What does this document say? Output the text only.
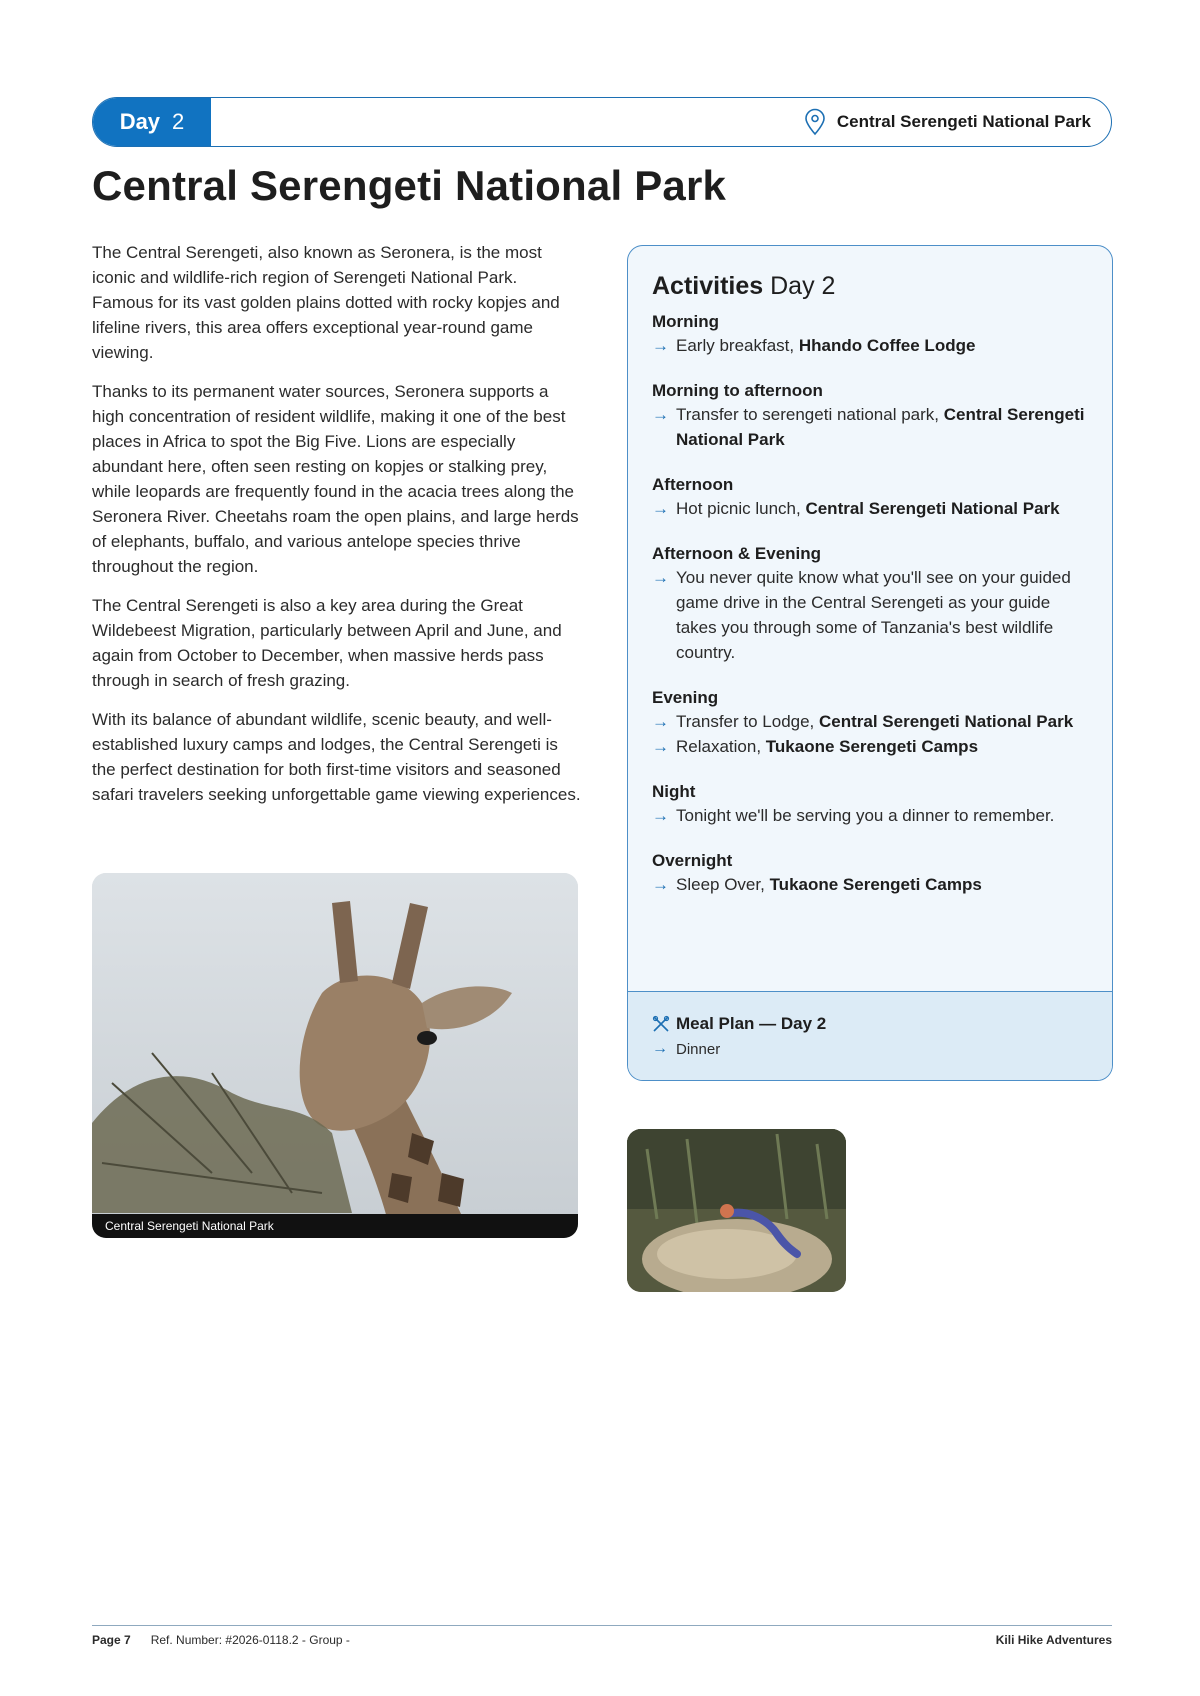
Day 2	Central Serengeti National Park
Central Serengeti National Park

The Central Serengeti, also known as Seronera, is the most iconic and wildlife-rich region of Serengeti National Park. Famous for its vast golden plains dotted with rocky kopjes and lifeline rivers, this area offers exceptional year-round game viewing.

Thanks to its permanent water sources, Seronera supports a high concentration of resident wildlife, making it one of the best places in Africa to spot the Big Five. Lions are especially abundant here, often seen resting on kopjes or stalking prey, while leopards are frequently found in the acacia trees along the Seronera River. Cheetahs roam the open plains, and large herds of elephants, buffalo, and various antelope species thrive throughout the region.

The Central Serengeti is also a key area during the Great Wildebeest Migration, particularly between April and June, and again from October to December, when massive herds pass through in search of fresh grazing.

With its balance of abundant wildlife, scenic beauty, and well-established luxury camps and lodges, the Central Serengeti is the perfect destination for both first-time visitors and seasoned safari travelers seeking unforgettable game viewing experiences.

Central Serengeti National Park
Activities Day 2
Morning
→ Early breakfast, Hhando Coffee Lodge
Morning to afternoon
→ Transfer to serengeti national park, Central Serengeti National Park
Afternoon
→ Hot picnic lunch, Central Serengeti National Park
Afternoon & Evening
→ You never quite know what you'll see on your guided game drive in the Central Serengeti as your guide takes you through some of Tanzania's best wildlife country.
Evening
→ Transfer to Lodge, Central Serengeti National Park
→ Relaxation, Tukaone Serengeti Camps
Night
→ Tonight we'll be serving you a dinner to remember.
Overnight
→ Sleep Over, Tukaone Serengeti Camps
Meal Plan — Day 2
→ Dinner
Page 7 Ref. Number: #2026-0118.2 - Group -	Kili Hike Adventures
